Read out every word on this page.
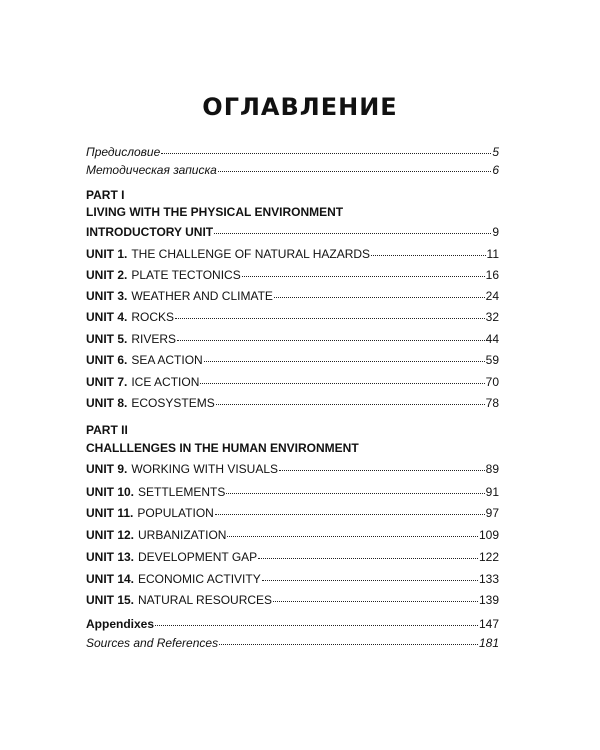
ОГЛАВЛЕНИЕ
Предисловие	5
Методическая записка	6
PART I
LIVING WITH THE PHYSICAL ENVIRONMENT
INTRODUCTORY UNIT	9
UNIT 1. THE CHALLENGE OF NATURAL HAZARDS	11
UNIT 2. PLATE TECTONICS	16
UNIT 3. WEATHER AND CLIMATE	24
UNIT 4. ROCKS	32
UNIT 5. RIVERS	44
UNIT 6. SEA ACTION	59
UNIT 7. ICE ACTION	70
UNIT 8. ECOSYSTEMS	78
PART II
CHALLLENGES IN THE HUMAN ENVIRONMENT
UNIT 9. WORKING WITH VISUALS	89
UNIT 10. SETTLEMENTS	91
UNIT 11. POPULATION	97
UNIT 12. URBANIZATION	109
UNIT 13. DEVELOPMENT GAP	122
UNIT 14. ECONOMIC ACTIVITY	133
UNIT 15. NATURAL RESOURCES	139
Appendixes	147
Sources and References	181
